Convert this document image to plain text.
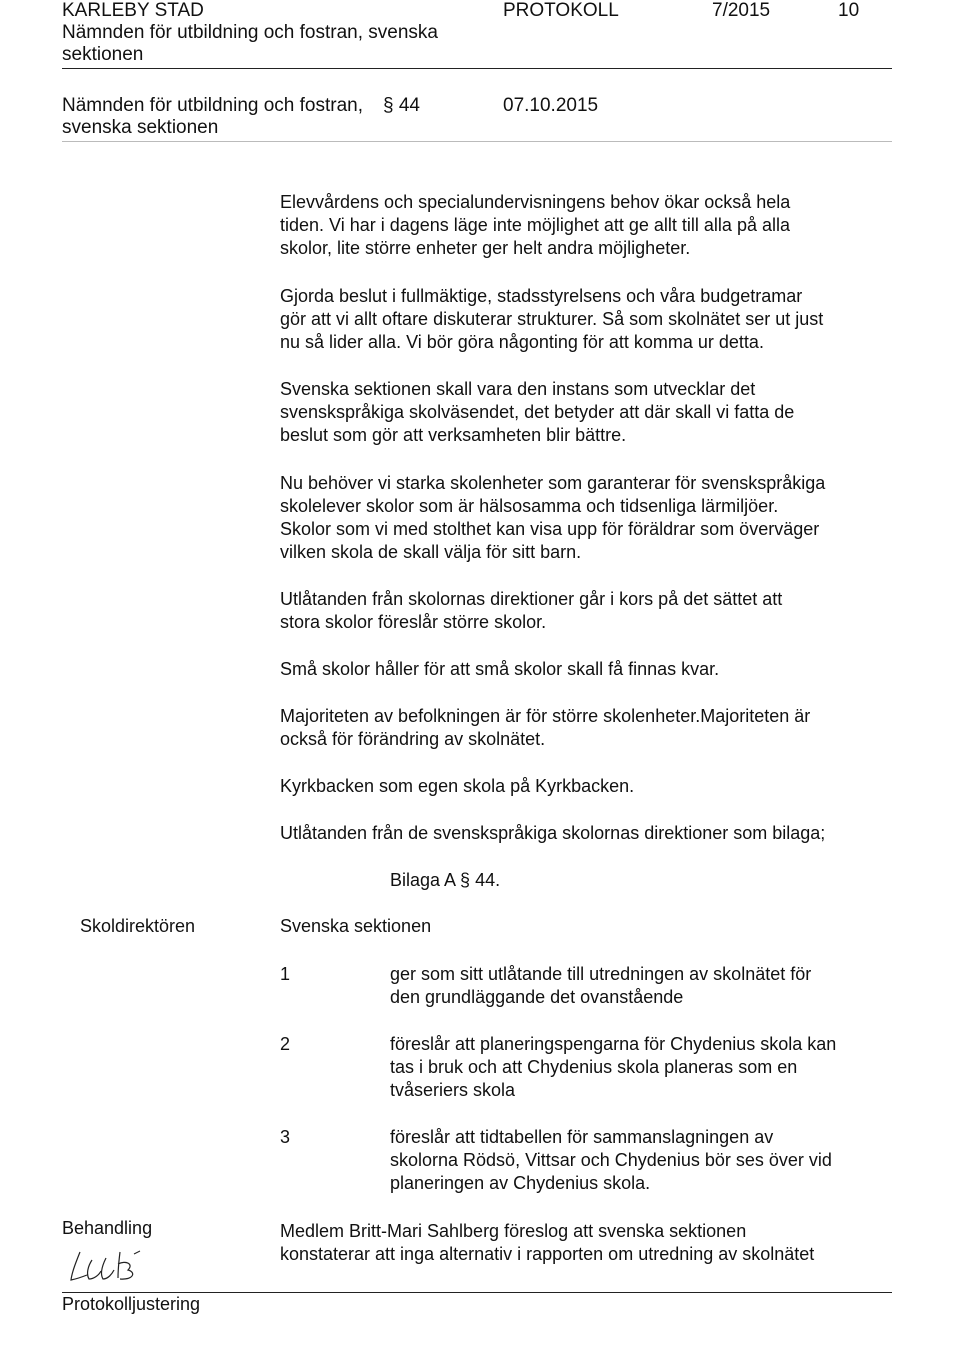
KARLEBY STAD
Nämnden för utbildning och fostran, svenska
sektionen
PROTOKOLL	7/2015	10
Nämnden för utbildning och fostran, § 44	07.10.2015
svenska sektionen
Elevvårdens och specialundervisningens behov ökar också hela
tiden. Vi har i dagens läge inte möjlighet att ge allt till alla på alla
skolor, lite större enheter ger helt andra möjligheter.
Gjorda beslut i fullmäktige, stadsstyrelsens och våra budgetramar
gör att vi allt oftare diskuterar strukturer. Så som skolnätet ser ut just
nu så lider alla. Vi bör göra någonting för att komma ur detta.
Svenska sektionen skall vara den instans som utvecklar det
svenskspråkiga skolväsendet, det betyder att där skall vi fatta de
beslut som gör att verksamheten blir bättre.
Nu behöver vi starka skolenheter som garanterar för svenskspråkiga
skolelever skolor som är hälsosamma och tidsenliga lärmiljöer.
Skolor som vi med stolthet kan visa upp för föräldrar som överväger
vilken skola de skall välja för sitt barn.
Utlåtanden från skolornas direktioner går i kors på det sättet att
stora skolor föreslår större skolor.
Små skolor håller för att små skolor skall få finnas kvar.
Majoriteten av befolkningen är för större skolenheter.Majoriteten är
också för förändring av skolnätet.
Kyrkbacken som egen skola på Kyrkbacken.
Utlåtanden från de svenskspråkiga skolornas direktioner som bilaga;
Bilaga A § 44.
Skoldirektören	Svenska sektionen
1	ger som sitt utlåtande till utredningen av skolnätet för
den grundläggande det ovanstående
2	föreslår att planeringspengarna för Chydenius skola kan
tas i bruk och att Chydenius skola planeras som en
tvåseriers skola
3	föreslår att tidtabellen för sammanslagningen av
skolorna Rödsö, Vittsar och Chydenius bör ses över vid
planeringen av Chydenius skola.
Behandling	Medlem Britt-Mari Sahlberg föreslog att svenska sektionen
konstaterar att inga alternativ i rapporten om utredning av skolnätet
Protokolljustering
